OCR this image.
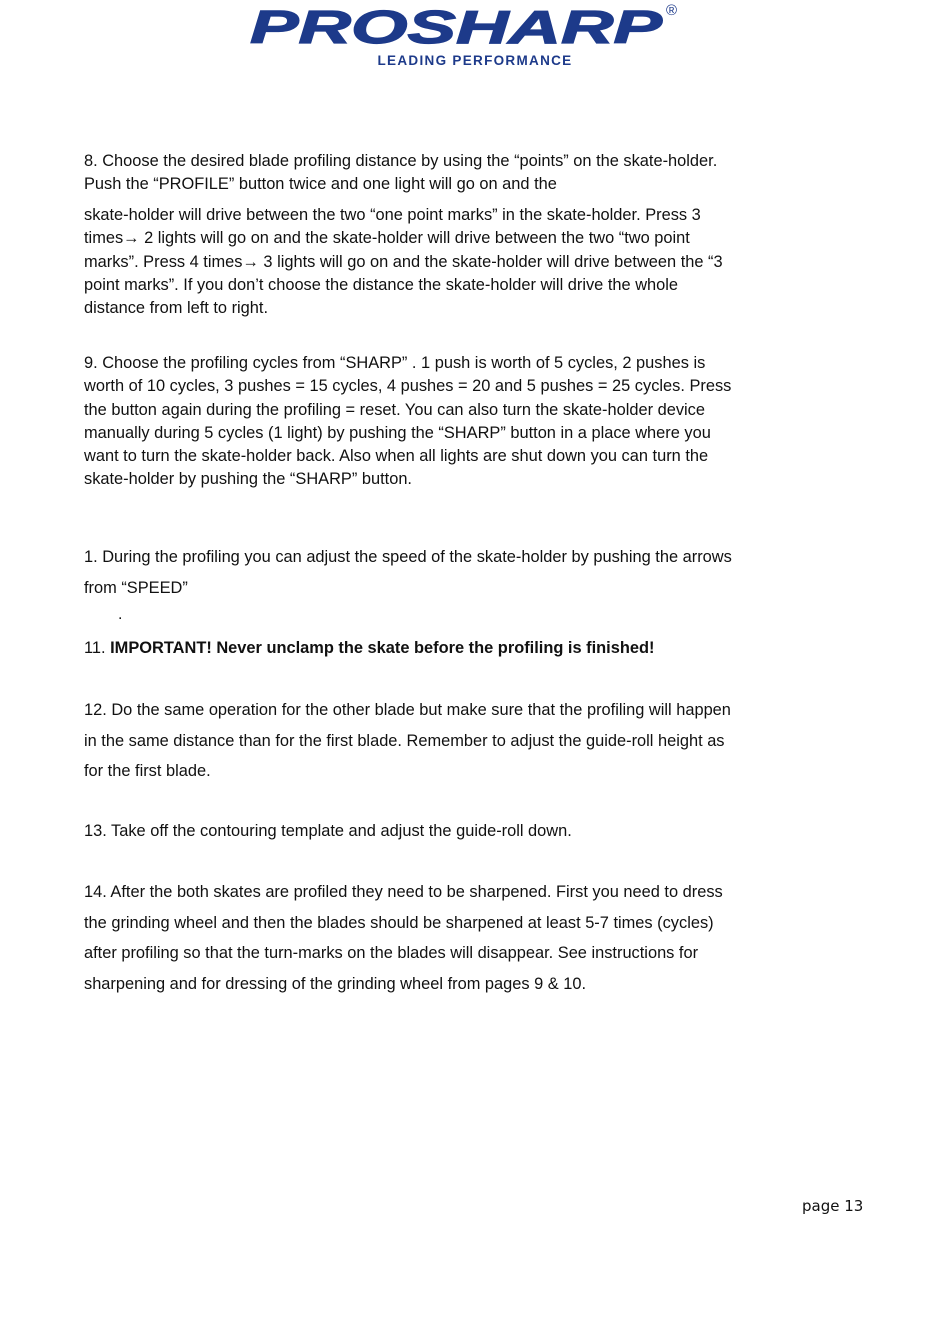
PROSHARP ®
LEADING PERFORMANCE

8. Choose the desired blade profiling distance by using the “points” on the skate-holder. Push the “PROFILE” button twice and one light will go on and the

skate-holder will drive between the two “one point marks” in the skate-holder. Press 3 times→ 2 lights will go on and the skate-holder will drive between the two “two point marks”. Press 4 times→ 3 lights will go on and the skate-holder will drive between the “3 point marks”. If you don’t choose the distance the skate-holder will drive the whole distance from left to right.

9. Choose the profiling cycles from “SHARP” . 1 push is worth of 5 cycles, 2 pushes is worth of 10 cycles, 3 pushes = 15 cycles, 4 pushes = 20 and 5 pushes = 25 cycles. Press the button again during the profiling = reset. You can also turn the skate-holder device manually during 5 cycles (1 light) by pushing the “SHARP” button in a place where you want to turn the skate-holder back. Also when all lights are shut down you can turn the skate-holder by pushing the “SHARP” button.

1. During the profiling you can adjust the speed of the skate-holder by pushing the arrows from “SPEED”

.

11. IMPORTANT! Never unclamp the skate before the profiling is finished!

12. Do the same operation for the other blade but make sure that the profiling will happen in the same distance than for the first blade. Remember to adjust the guide-roll height as for the first blade.

13. Take off the contouring template and adjust the guide-roll down.

14. After the both skates are profiled they need to be sharpened. First you need to dress the grinding wheel and then the blades should be sharpened at least 5-7 times (cycles) after profiling so that the turn-marks on the blades will disappear. See instructions for sharpening and for dressing of the grinding wheel from pages 9 & 10.

page 13
